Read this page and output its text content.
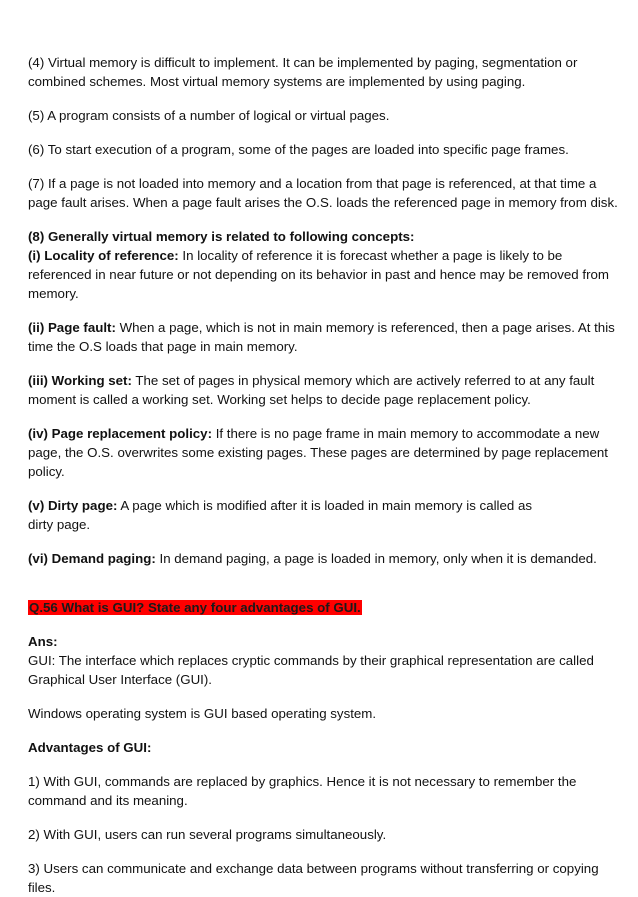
(4) Virtual memory is difficult to implement. It can be implemented by paging, segmentation or combined schemes. Most virtual memory systems are implemented by using paging.

(5) A program consists of a number of logical or virtual pages.

(6) To start execution of a program, some of the pages are loaded into specific page frames.

(7) If a page is not loaded into memory and a location from that page is referenced, at that time a page fault arises. When a page fault arises the O.S. loads the referenced page in memory from disk.

(8) Generally virtual memory is related to following concepts:

(i) Locality of reference: In locality of reference it is forecast whether a page is likely to be referenced in near future or not depending on its behavior in past and hence may be removed from memory.

(ii) Page fault: When a page, which is not in main memory is referenced, then a page arises. At this time the O.S loads that page in main memory.

(iii) Working set: The set of pages in physical memory which are actively referred to at any fault moment is called a working set. Working set helps to decide page replacement policy.

(iv) Page replacement policy: If there is no page frame in main memory to accommodate a new page, the O.S. overwrites some existing pages. These pages are determined by page replacement policy.

(v) Dirty page: A page which is modified after it is loaded in main memory is called as
dirty page.

(vi) Demand paging: In demand paging, a page is loaded in memory, only when it is demanded.

Q.56 What is GUI? State any four advantages of GUI.

Ans:

GUI: The interface which replaces cryptic commands by their graphical representation are called Graphical User Interface (GUI).

Windows operating system is GUI based operating system.

Advantages of GUI:

1) With GUI, commands are replaced by graphics. Hence it is not necessary to remember the command and its meaning.

2) With GUI, users can run several programs simultaneously.

3) Users can communicate and exchange data between programs without transferring or copying files.
